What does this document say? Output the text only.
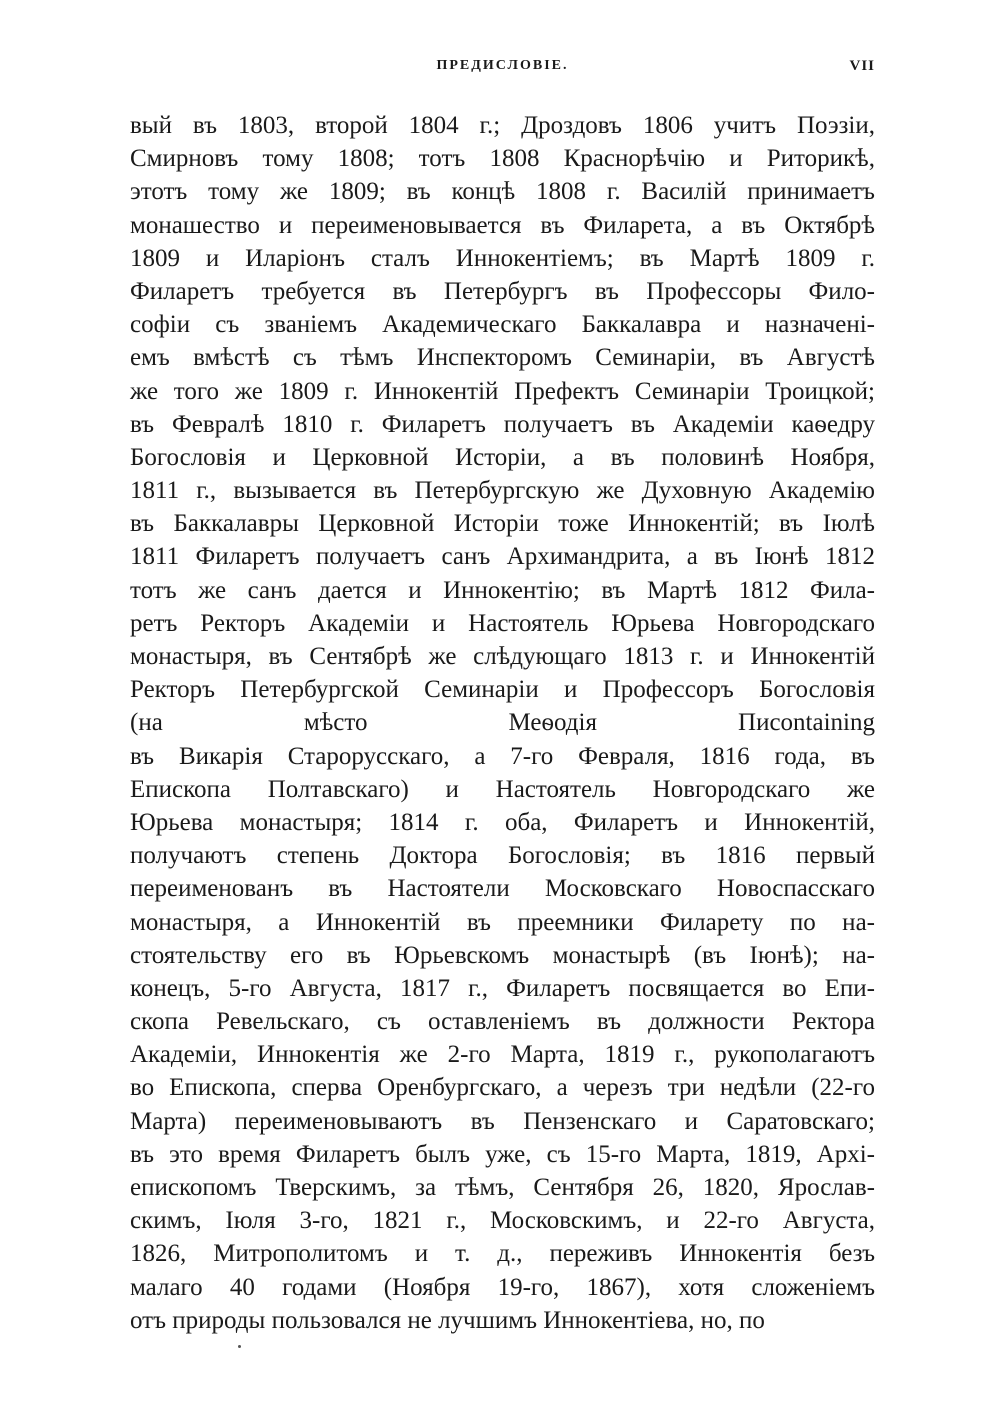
ПРЕДИСЛОВІЕ.	VII
вый въ 1803, второй 1804 г.; Дроздовъ 1806 учитъ Поэзіи,
Смирновъ тому 1808; тотъ 1808 Краснорѣчію и Риторикѣ,
этотъ тому же 1809; въ концѣ 1808 г. Василій принимаетъ
монашество и переименовывается въ Филарета, а въ Октябрѣ
1809 и Иларіонъ сталъ Иннокентіемъ; въ Мартѣ 1809 г.
Филаретъ требуется въ Петербургъ въ Профессоры Фило-
софіи съ званіемъ Академическаго Баккалавра и назначені-
емъ вмѣстѣ съ тѣмъ Инспекторомъ Семинаріи, въ Августѣ
же того же 1809 г. Иннокентій Префектъ Семинаріи Троицкой;
въ Февралѣ 1810 г. Филаретъ получаетъ въ Академіи каѳедру
Богословія и Церковной Исторіи, а въ половинѣ Ноября,
1811 г., вызывается въ Петербургскую же Духовную Академію
въ Баккалавры Церковной Исторіи тоже Иннокентій; въ Іюлѣ
1811 Филаретъ получаетъ санъ Архимандрита, а въ Іюнѣ 1812
тотъ же санъ дается и Иннокентію; въ Мартѣ 1812 Фила-
ретъ Ректоръ Академіи и Настоятель Юрьева Новгородскаго
монастыря, въ Сентябрѣ же слѣдующаго 1813 г. и Иннокентій
Ректоръ Петербургской Семинаріи и Профессоръ Богословія
(на мѣсто Меѳодія Пиcontaining
въ Викарія Старорусскаго, а 7-го Февраля, 1816 года, въ
Епископа Полтавскаго) и Настоятель Новгородскаго же
Юрьева монастыря; 1814 г. оба, Филаретъ и Иннокентій,
получаютъ степень Доктора Богословія; въ 1816 первый
переименованъ въ Настоятели Московскаго Новоспасскаго
монастыря, а Иннокентій въ преемники Филарету по на-
стоятельству его въ Юрьевскомъ монастырѣ (въ Іюнѣ); на-
конецъ, 5-го Августа, 1817 г., Филаретъ посвящается во Епи-
скопа Ревельскаго, съ оставленіемъ въ должности Ректора
Академіи, Иннокентія же 2-го Марта, 1819 г., рукополагаютъ
во Епископа, сперва Оренбургскаго, а черезъ три недѣли (22-го
Марта) переименовываютъ въ Пензенскаго и Саратовскаго;
въ это время Филаретъ былъ уже, съ 15-го Марта, 1819, Архі-
епископомъ Тверскимъ, за тѣмъ, Сентября 26, 1820, Ярослав-
скимъ, Іюля 3-го, 1821 г., Московскимъ, и 22-го Августа,
1826, Митрополитомъ и т. д., переживъ Иннокентія безъ
малаго 40 годами (Ноября 19-го, 1867), хотя сложеніемъ
отъ природы пользовался не лучшимъ Иннокентіева, но, по
